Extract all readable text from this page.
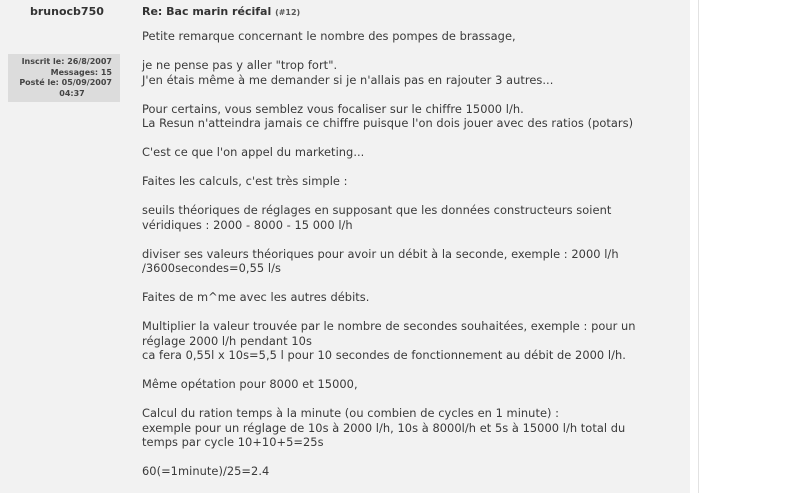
brunocb750
Inscrit le: 26/8/2007
Messages: 15
Posté le: 05/09/2007
04:37
Re: Bac marin récifal (#12)
Petite remarque concernant le nombre des pompes de brassage,

je ne pense pas y aller "trop fort".
J'en étais même à me demander si je n'allais pas en rajouter 3 autres...

Pour certains, vous semblez vous focaliser sur le chiffre 15000 l/h.
La Resun n'atteindra jamais ce chiffre puisque l'on dois jouer avec des ratios (potars)

C'est ce que l'on appel du marketing...

Faites les calculs, c'est très simple :

seuils théoriques de réglages en supposant que les données constructeurs soient
véridiques : 2000 - 8000 - 15 000 l/h

diviser ses valeurs théoriques pour avoir un débit à la seconde, exemple : 2000 l/h
/3600secondes=0,55 l/s

Faites de m^me avec les autres débits.

Multiplier la valeur trouvée par le nombre de secondes souhaitées, exemple : pour un
réglage 2000 l/h pendant 10s
ca fera 0,55l x 10s=5,5 l pour 10 secondes de fonctionnement au débit de 2000 l/h.

Même opétation pour 8000 et 15000,

Calcul du ration temps à la minute (ou combien de cycles en 1 minute) :
exemple pour un réglage de 10s à 2000 l/h, 10s à 8000l/h et 5s à 15000 l/h total du
temps par cycle 10+10+5=25s

60(=1minute)/25=2.4
